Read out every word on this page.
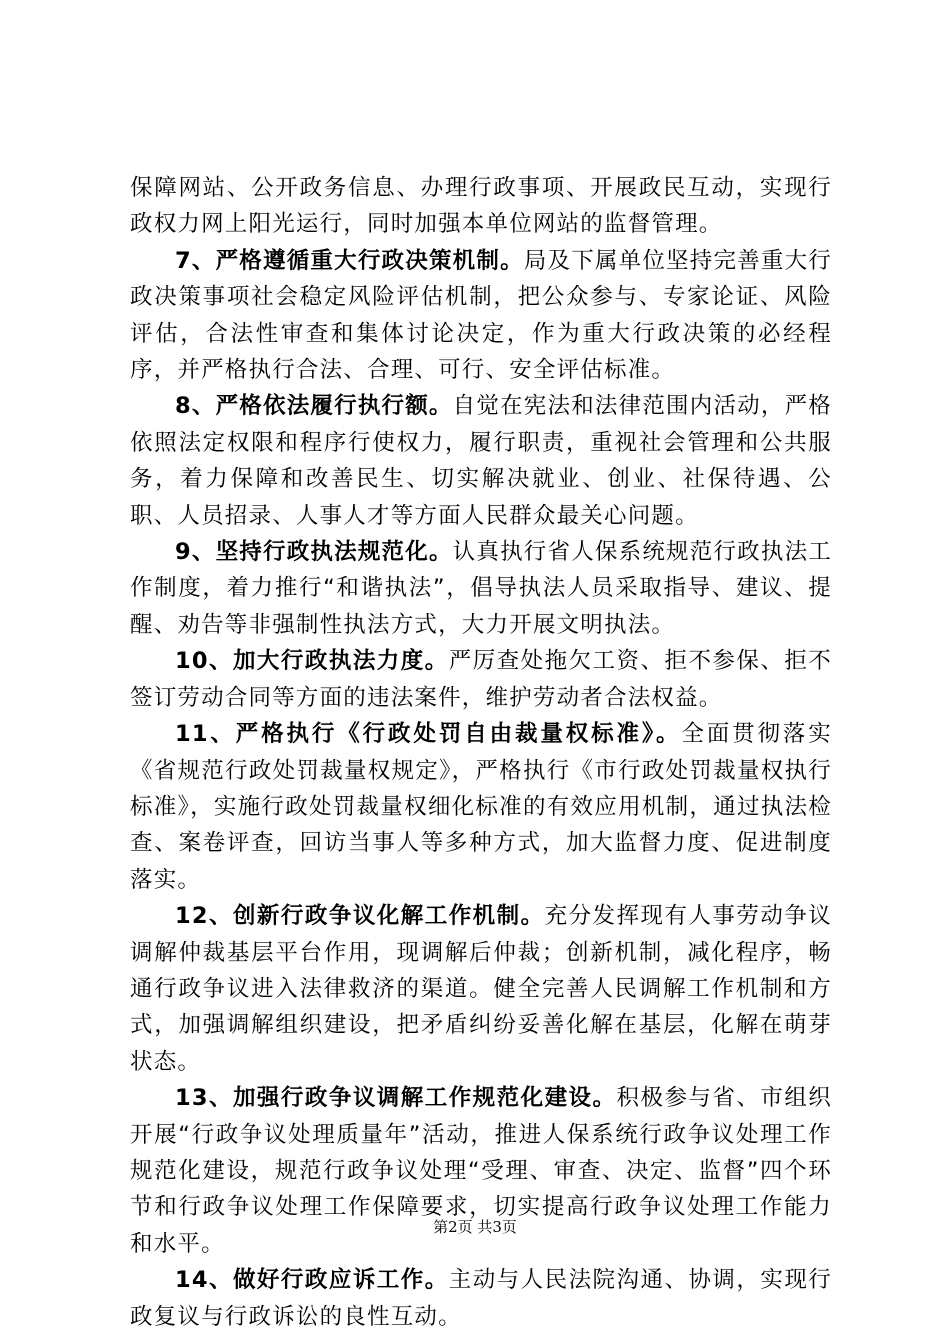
保障网站、公开政务信息、办理行政事项、开展政民互动，实现行政权力网上阳光运行，同时加强本单位网站的监督管理。

7、严格遵循重大行政决策机制。局及下属单位坚持完善重大行政决策事项社会稳定风险评估机制，把公众参与、专家论证、风险评估，合法性审查和集体讨论决定，作为重大行政决策的必经程序，并严格执行合法、合理、可行、安全评估标准。

8、严格依法履行执行额。自觉在宪法和法律范围内活动，严格依照法定权限和程序行使权力，履行职责，重视社会管理和公共服务，着力保障和改善民生、切实解决就业、创业、社保待遇、公职、人员招录、人事人才等方面人民群众最关心问题。

9、坚持行政执法规范化。认真执行省人保系统规范行政执法工作制度，着力推行“和谐执法”，倡导执法人员采取指导、建议、提醒、劝告等非强制性执法方式，大力开展文明执法。

10、加大行政执法力度。严厉查处拖欠工资、拒不参保、拒不签订劳动合同等方面的违法案件，维护劳动者合法权益。

11、严格执行《行政处罚自由裁量权标准》。全面贯彻落实《省规范行政处罚裁量权规定》，严格执行《市行政处罚裁量权执行标准》，实施行政处罚裁量权细化标准的有效应用机制，通过执法检查、案卷评查，回访当事人等多种方式，加大监督力度、促进制度落实。

12、创新行政争议化解工作机制。充分发挥现有人事劳动争议调解仲裁基层平台作用，现调解后仲裁；创新机制，减化程序，畅通行政争议进入法律救济的渠道。健全完善人民调解工作机制和方式，加强调解组织建设，把矛盾纠纷妥善化解在基层，化解在萌芽状态。

13、加强行政争议调解工作规范化建设。积极参与省、市组织开展“行政争议处理质量年”活动，推进人保系统行政争议处理工作规范化建设，规范行政争议处理“受理、审查、决定、监督”四个环节和行政争议处理工作保障要求，切实提高行政争议处理工作能力和水平。

14、做好行政应诉工作。主动与人民法院沟通、协调，实现行政复议与行政诉讼的良性互动。

第2页 共3页
